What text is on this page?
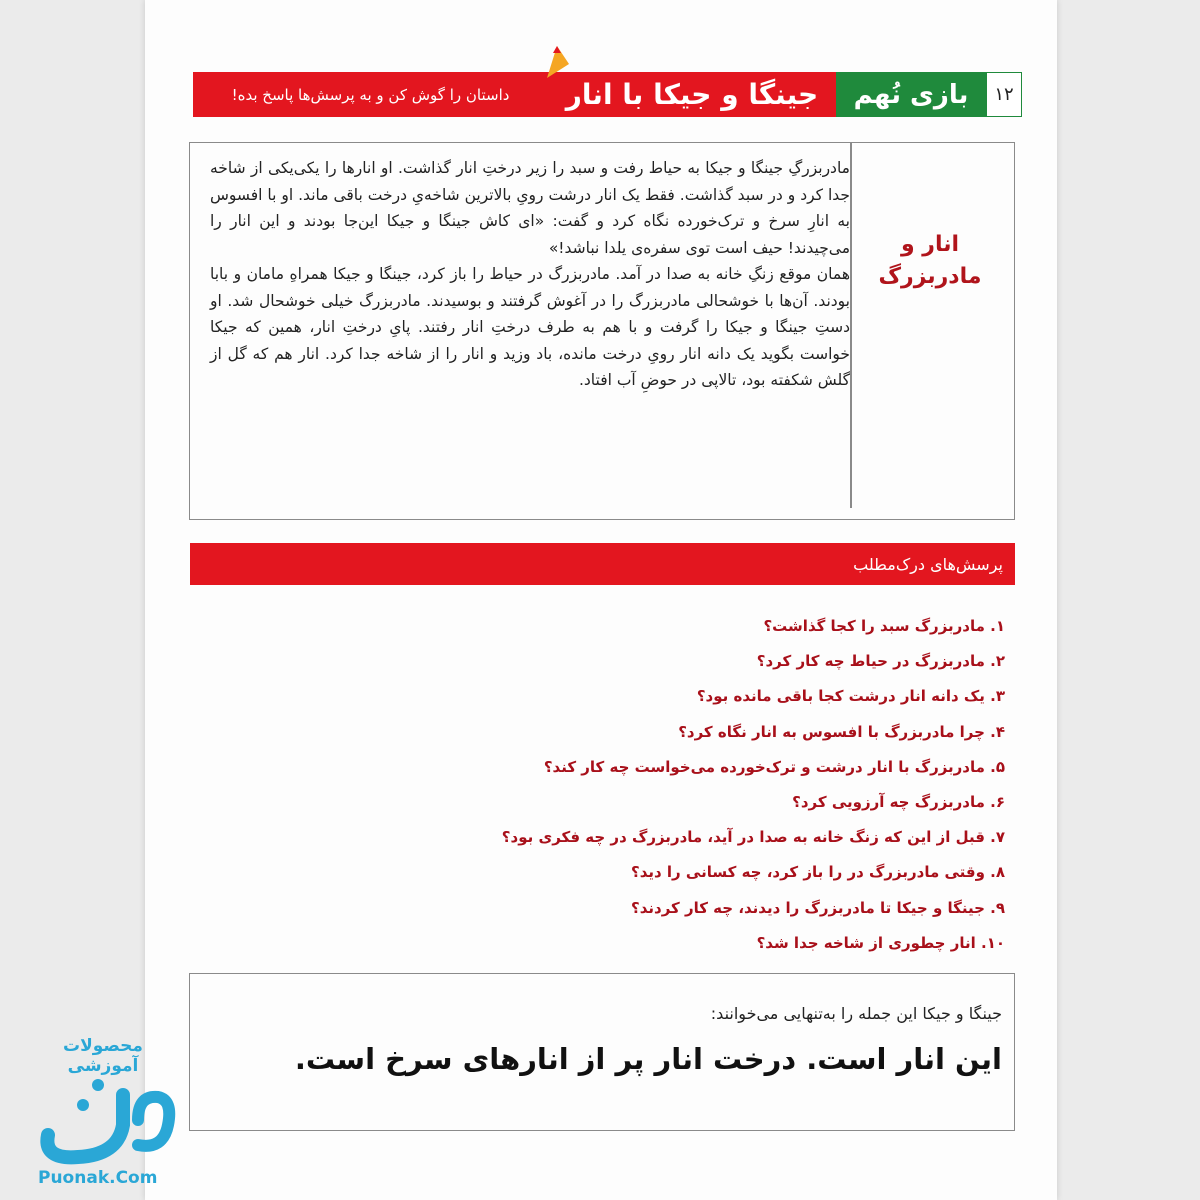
داستان را گوش کن و به پرسش‌ها پاسخ بده!	جینگا و جیکا با انار	بازی نُهم	۱۲
مادربزرگِ جینگا و جیکا به حیاط رفت و سبد را زیر درختِ انار گذاشت. او انارها را یکی‌یکی از شاخه جدا کرد و در سبد گذاشت. فقط یک انار درشت رویِ بالاترین شاخه‌یِ درخت باقی ماند. او با افسوس به انارِ سرخ و ترک‌خورده نگاه کرد و گفت: «ای کاش جینگا و جیکا این‌جا بودند و این انار را می‌چیدند! حیف است توی سفره‌ی یلدا نباشد!»
همان موقع زنگِ خانه به صدا در آمد. مادربزرگ در حیاط را باز کرد، جینگا و جیکا همراهِ مامان و بابا بودند. آن‌ها با خوشحالی مادربزرگ را در آغوش گرفتند و بوسیدند. مادربزرگ خیلی خوشحال شد. او دستِ جینگا و جیکا را گرفت و با هم به طرف درختِ انار رفتند. پایِ درختِ انار، همین که جیکا خواست بگوید یک دانه انار رویِ درخت مانده، باد وزید و انار را از شاخه جدا کرد. انار هم که گل از گلش شکفته بود، تالاپی در حوضِ آب افتاد.
انار و
مادربزرگ
پرسش‌های درک‌مطلب
۱. مادربزرگ سبد را کجا گذاشت؟
۲. مادربزرگ در حیاط چه کار کرد؟
۳. یک دانه انار درشت کجا باقی مانده بود؟
۴. چرا مادربزرگ با افسوس به انار نگاه کرد؟
۵. مادربزرگ با انار درشت و ترک‌خورده می‌خواست چه کار کند؟
۶. مادربزرگ چه آرزویی کرد؟
۷. قبل از این که زنگ خانه به صدا در آید، مادربزرگ در چه فکری بود؟
۸. وقتی مادربزرگ در را باز کرد، چه کسانی را دید؟
۹. جینگا و جیکا تا مادربزرگ را دیدند، چه کار کردند؟
۱۰. انار چطوری از شاخه جدا شد؟
جینگا و جیکا این جمله را به‌تنهایی می‌خوانند:
این انار است. درخت انار پر از انارهای سرخ است.
محصولات آموزشی
Puonak.Com
